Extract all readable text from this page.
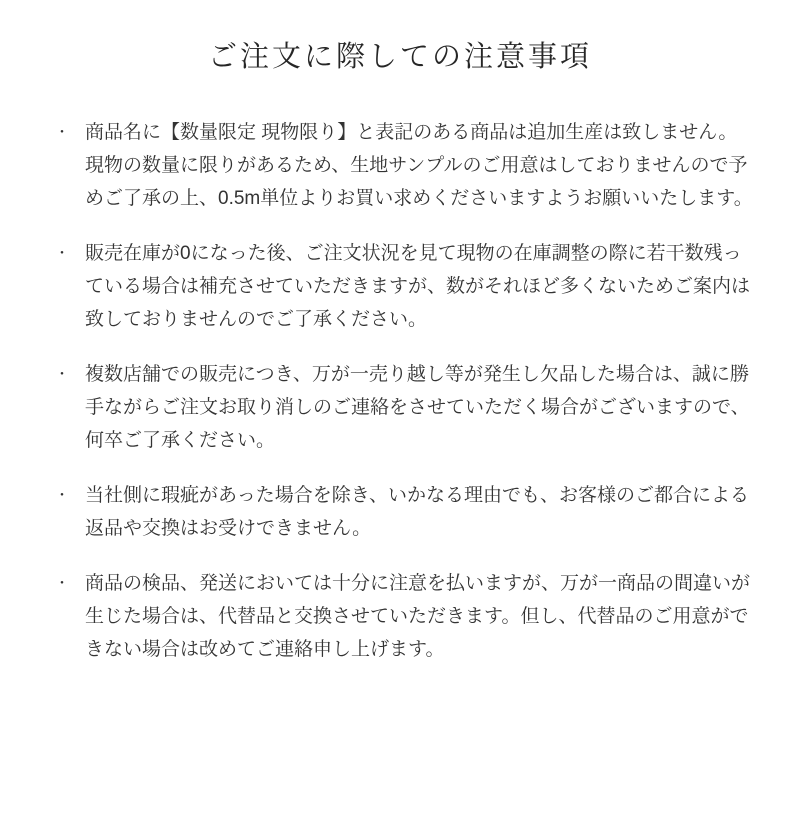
ご注文に際しての注意事項
・ 商品名に【数量限定 現物限り】と表記のある商品は追加生産は致しません。現物の数量に限りがあるため、生地サンプルのご用意はしておりませんので予めご了承の上、0.5m単位よりお買い求めくださいますようお願いいたします。
・ 販売在庫が0になった後、ご注文状況を見て現物の在庫調整の際に若干数残っている場合は補充させていただきますが、数がそれほど多くないためご案内は致しておりませんのでご了承ください。
・ 複数店舗での販売につき、万が一売り越し等が発生し欠品した場合は、誠に勝手ながらご注文お取り消しのご連絡をさせていただく場合がございますので、何卒ご了承ください。
・ 当社側に瑕疵があった場合を除き、いかなる理由でも、お客様のご都合による返品や交換はお受けできません。
・ 商品の検品、発送においては十分に注意を払いますが、万が一商品の間違いが生じた場合は、代替品と交換させていただきます。但し、代替品のご用意ができない場合は改めてご連絡申し上げます。
